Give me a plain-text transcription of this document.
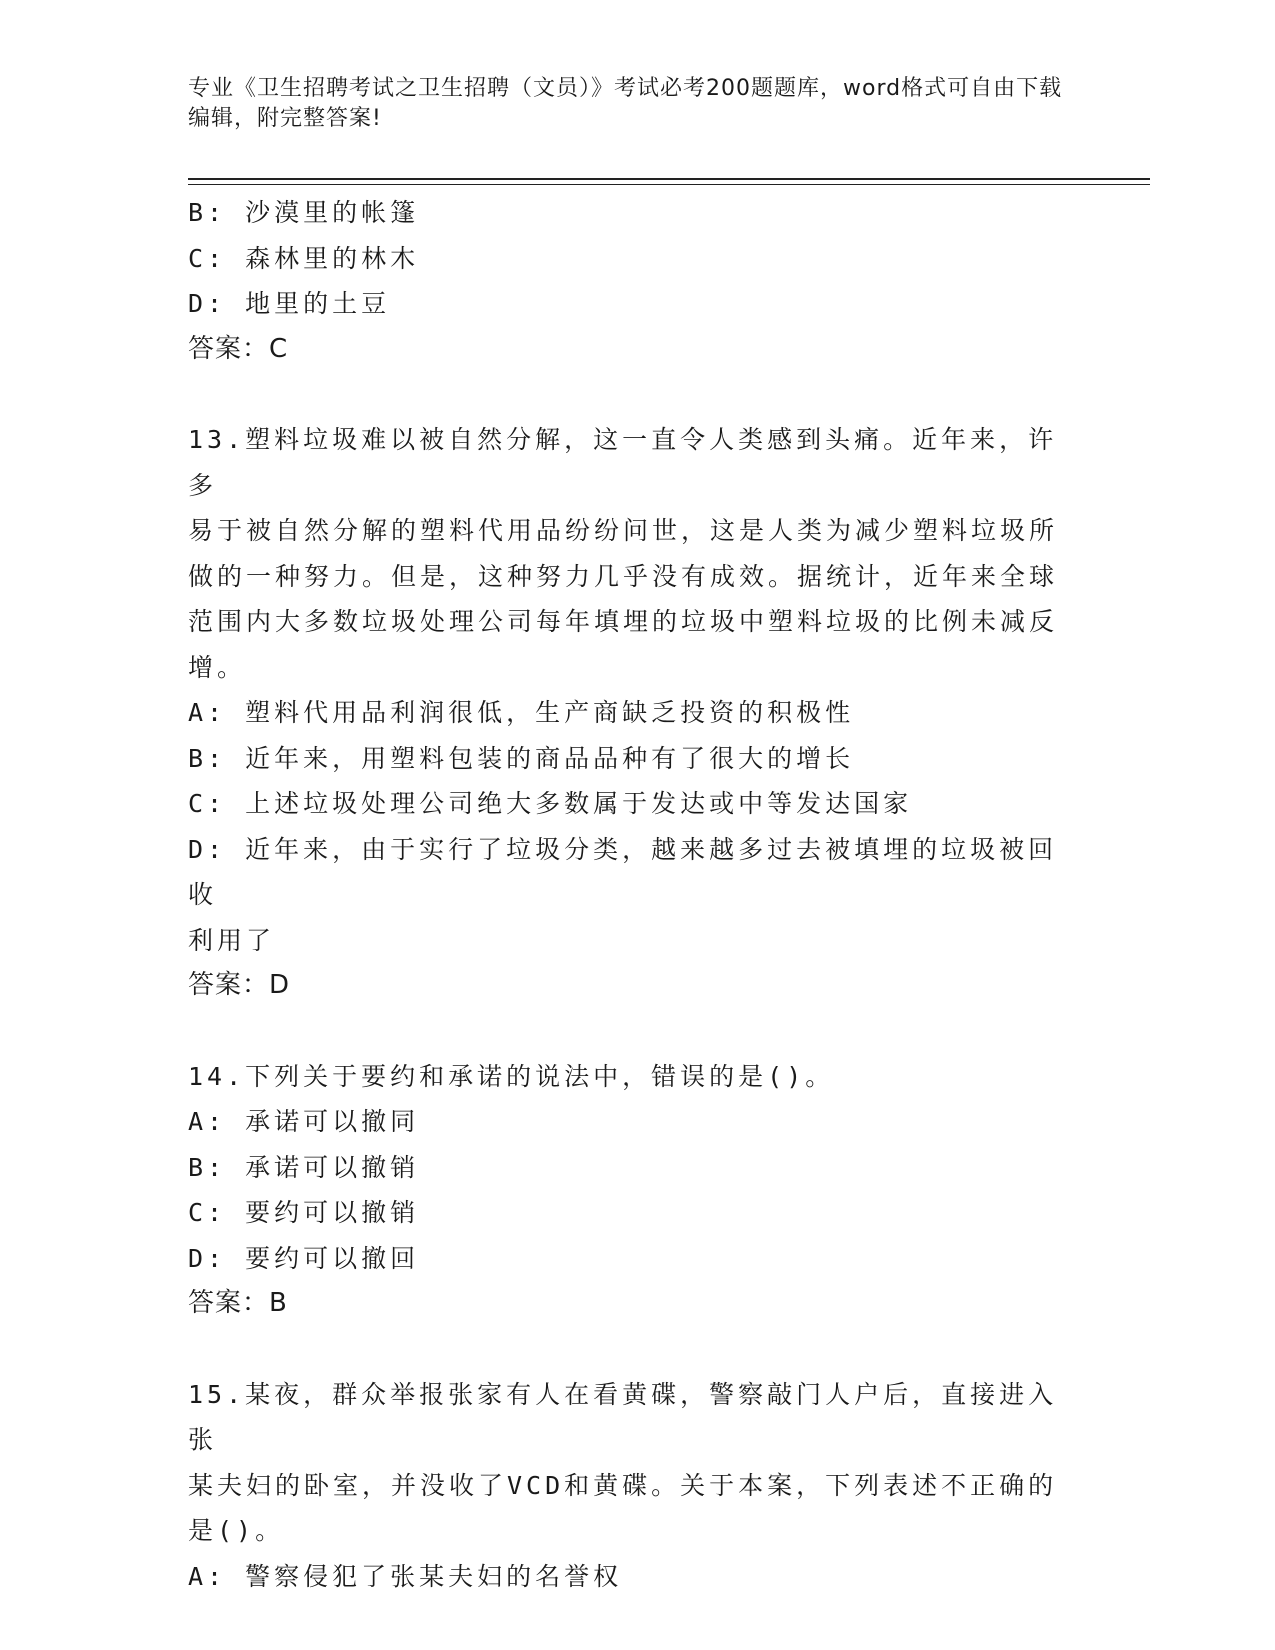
专业《卫生招聘考试之卫生招聘（文员）》考试必考200题题库，word格式可自由下载编辑，附完整答案!
B: 沙漠里的帐篷
C: 森林里的林木
D: 地里的土豆
答案：C
13.塑料垃圾难以被自然分解，这一直令人类感到头痛。近年来，许多
易于被自然分解的塑料代用品纷纷问世，这是人类为减少塑料垃圾所
做的一种努力。但是，这种努力几乎没有成效。据统计，近年来全球
范围内大多数垃圾处理公司每年填埋的垃圾中塑料垃圾的比例未减反
增。
A: 塑料代用品利润很低，生产商缺乏投资的积极性
B: 近年来，用塑料包装的商品品种有了很大的增长
C: 上述垃圾处理公司绝大多数属于发达或中等发达国家
D: 近年来，由于实行了垃圾分类，越来越多过去被填埋的垃圾被回收
利用了
答案：D
14.下列关于要约和承诺的说法中，错误的是()。
A: 承诺可以撤同
B: 承诺可以撤销
C: 要约可以撤销
D: 要约可以撤回
答案：B
15.某夜，群众举报张家有人在看黄碟，警察敲门人户后，直接进入张
某夫妇的卧室，并没收了VCD和黄碟。关于本案，下列表述不正确的
是()。
A: 警察侵犯了张某夫妇的名誉权
